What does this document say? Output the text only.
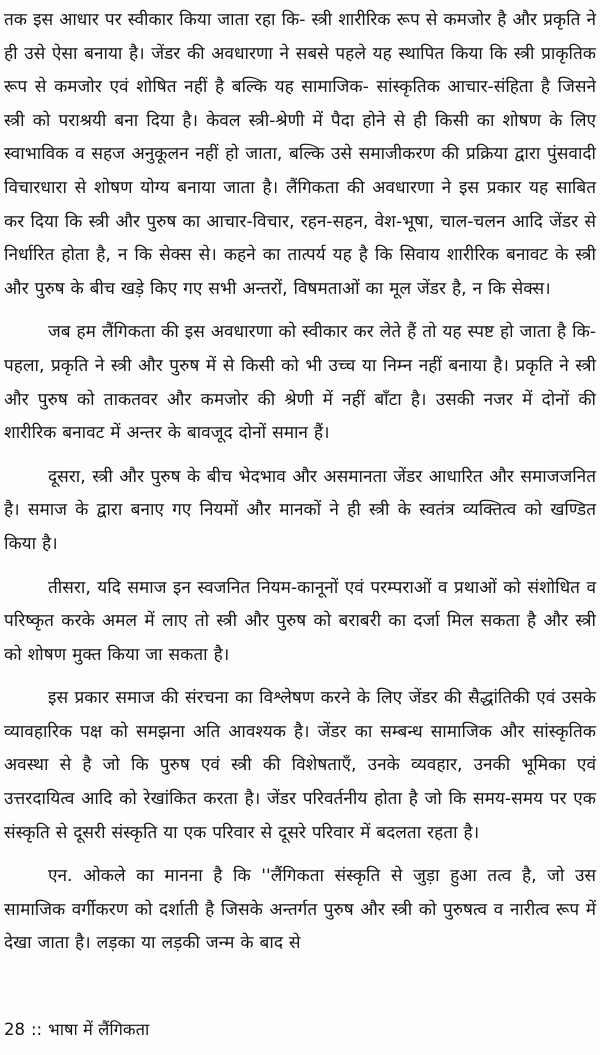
तक इस आधार पर स्वीकार किया जाता रहा कि- स्त्री शारीरिक रूप से कमजोर है और प्रकृति ने ही उसे ऐसा बनाया है। जेंडर की अवधारणा ने सबसे पहले यह स्थापित किया कि स्त्री प्राकृतिक रूप से कमजोर एवं शोषित नहीं है बल्कि यह सामाजिक- सांस्कृतिक आचार-संहिता है जिसने स्त्री को पराश्रयी बना दिया है। केवल स्त्री-श्रेणी में पैदा होने से ही किसी का शोषण के लिए स्वाभाविक व सहज अनुकूलन नहीं हो जाता, बल्कि उसे समाजीकरण की प्रक्रिया द्वारा पुंसवादी विचारधारा से शोषण योग्य बनाया जाता है। लैंगिकता की अवधारणा ने इस प्रकार यह साबित कर दिया कि स्त्री और पुरुष का आचार-विचार, रहन-सहन, वेश-भूषा, चाल-चलन आदि जेंडर से निर्धारित होता है, न कि सेक्स से। कहने का तात्पर्य यह है कि सिवाय शारीरिक बनावट के स्त्री और पुरुष के बीच खड़े किए गए सभी अन्तरों, विषमताओं का मूल जेंडर है, न कि सेक्स।

जब हम लैंगिकता की इस अवधारणा को स्वीकार कर लेते हैं तो यह स्पष्ट हो जाता है कि- पहला, प्रकृति ने स्त्री और पुरुष में से किसी को भी उच्च या निम्न नहीं बनाया है। प्रकृति ने स्त्री और पुरुष को ताकतवर और कमजोर की श्रेणी में नहीं बाँटा है। उसकी नजर में दोनों की शारीरिक बनावट में अन्तर के बावजूद दोनों समान हैं।

दूसरा, स्त्री और पुरुष के बीच भेदभाव और असमानता जेंडर आधारित और समाजजनित है। समाज के द्वारा बनाए गए नियमों और मानकों ने ही स्त्री के स्वतंत्र व्यक्तित्व को खण्डित किया है।

तीसरा, यदि समाज इन स्वजनित नियम-कानूनों एवं परम्पराओं व प्रथाओं को संशोधित व परिष्कृत करके अमल में लाए तो स्त्री और पुरुष को बराबरी का दर्जा मिल सकता है और स्त्री को शोषण मुक्त किया जा सकता है।

इस प्रकार समाज की संरचना का विश्लेषण करने के लिए जेंडर की सैद्धांतिकी एवं उसके व्यावहारिक पक्ष को समझना अति आवश्यक है। जेंडर का सम्बन्ध सामाजिक और सांस्कृतिक अवस्था से है जो कि पुरुष एवं स्त्री की विशेषताएँ, उनके व्यवहार, उनकी भूमिका एवं उत्तरदायित्व आदि को रेखांकित करता है। जेंडर परिवर्तनीय होता है जो कि समय-समय पर एक संस्कृति से दूसरी संस्कृति या एक परिवार से दूसरे परिवार में बदलता रहता है।

एन. ओकले का मानना है कि ''लैंगिकता संस्कृति से जुड़ा हुआ तत्व है, जो उस सामाजिक वर्गीकरण को दर्शाती है जिसके अन्तर्गत पुरुष और स्त्री को पुरुषत्व व नारीत्व रूप में देखा जाता है। लड़का या लड़की जन्म के बाद से

28 :: भाषा में लैंगिकता
